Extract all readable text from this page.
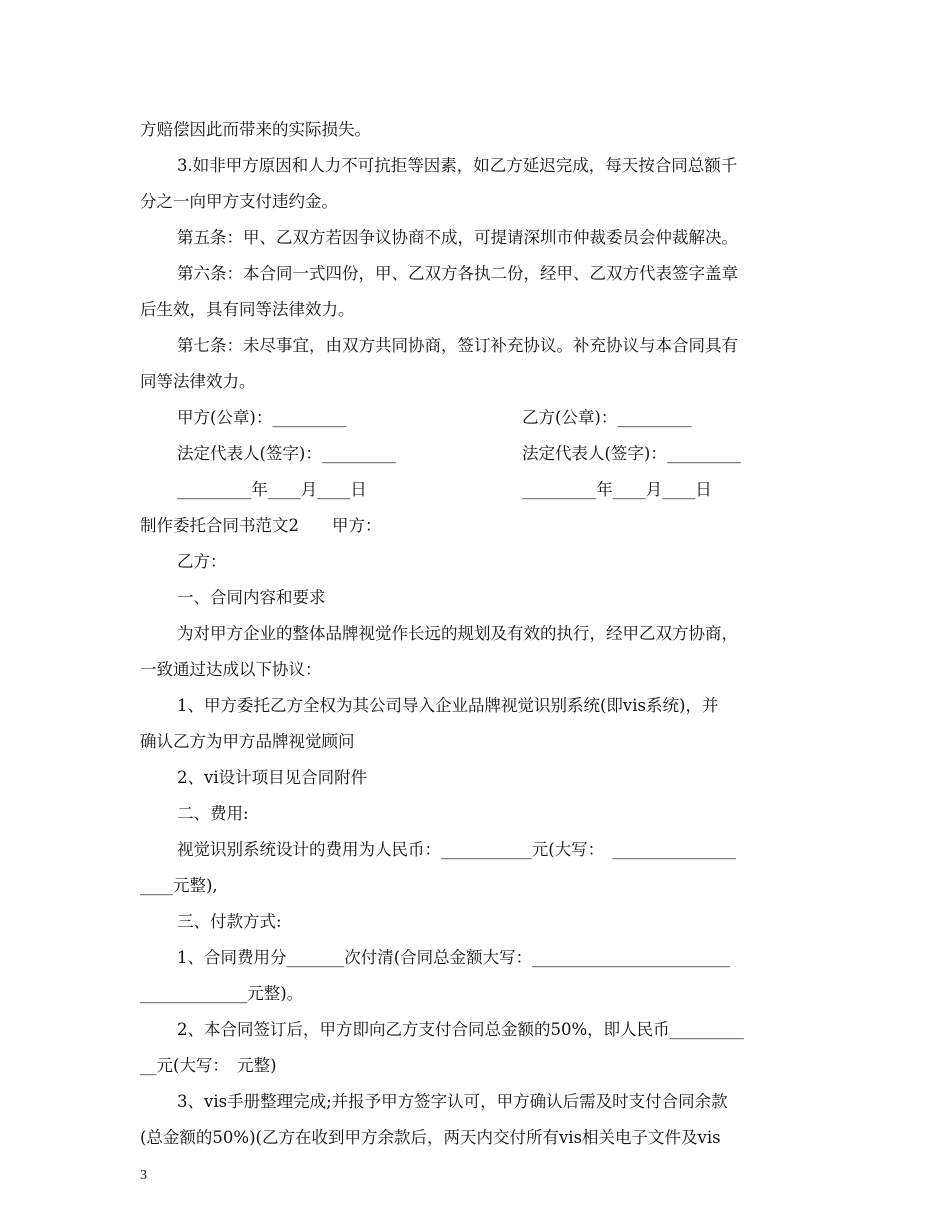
方赔偿因此而带来的实际损失。
3.如非甲方原因和人力不可抗拒等因素，如乙方延迟完成，每天按合同总额千
分之一向甲方支付违约金。
第五条：甲、乙双方若因争议协商不成，可提请深圳市仲裁委员会仲裁解决。
第六条：本合同一式四份，甲、乙双方各执二份，经甲、乙双方代表签字盖章
后生效，具有同等法律效力。
第七条：未尽事宜，由双方共同协商，签订补充协议。补充协议与本合同具有
同等法律效力。
甲方(公章)：_________	乙方(公章)：_________
法定代表人(签字)：_________	法定代表人(签字)：_________
_________年____月____日	_________年____月____日
制作委托合同书范文2　　甲方：
乙方：
一、合同内容和要求
为对甲方企业的整体品牌视觉作长远的规划及有效的执行，经甲乙双方协商，
一致通过达成以下协议：
1、甲方委托乙方全权为其公司导入企业品牌视觉识别系统(即vis系统)，并
确认乙方为甲方品牌视觉顾问
2、vi设计项目见合同附件
二、费用:
视觉识别系统设计的费用为人民币：___________元(大写：　_______________
____元整),
三、付款方式:
1、合同费用分_______次付清(合同总金额大写：________________________
_____________元整)。
2、本合同签订后，甲方即向乙方支付合同总金额的50%，即人民币_________
__元(大写：　元整)
3、vis手册整理完成;并报予甲方签字认可，甲方确认后需及时支付合同余款
(总金额的50%)(乙方在收到甲方余款后，两天内交付所有vis相关电子文件及vis
3
